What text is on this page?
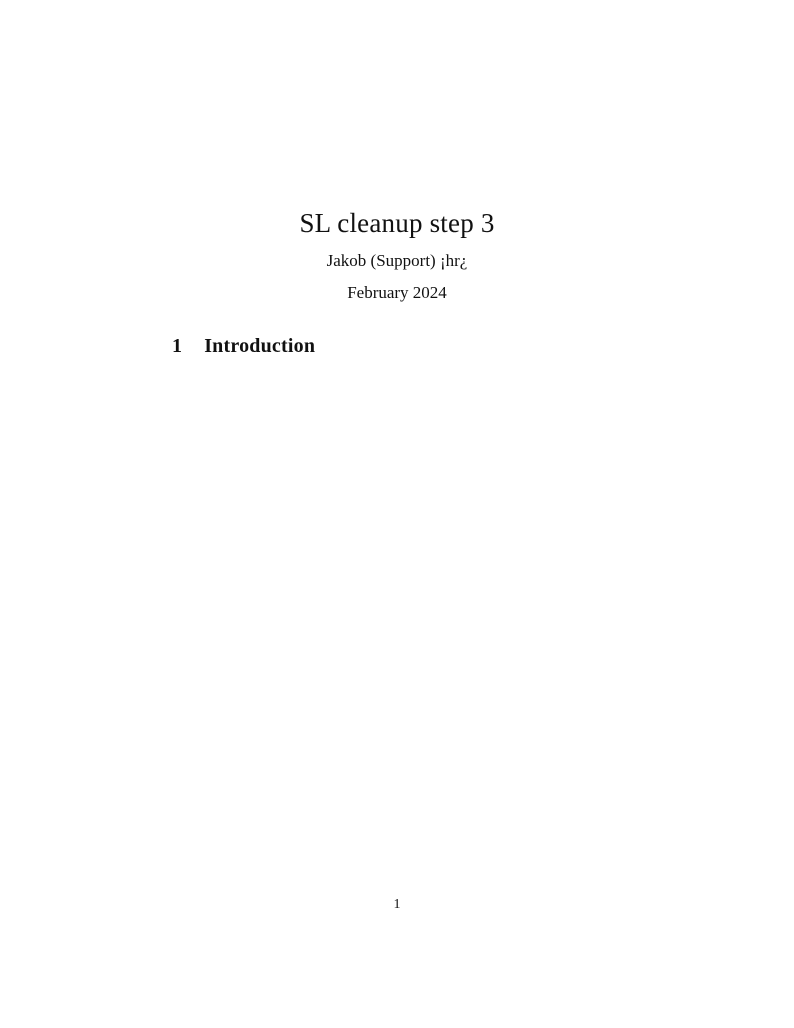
SL cleanup step 3
Jakob (Support) ¡hr¿
February 2024
1 Introduction
1
